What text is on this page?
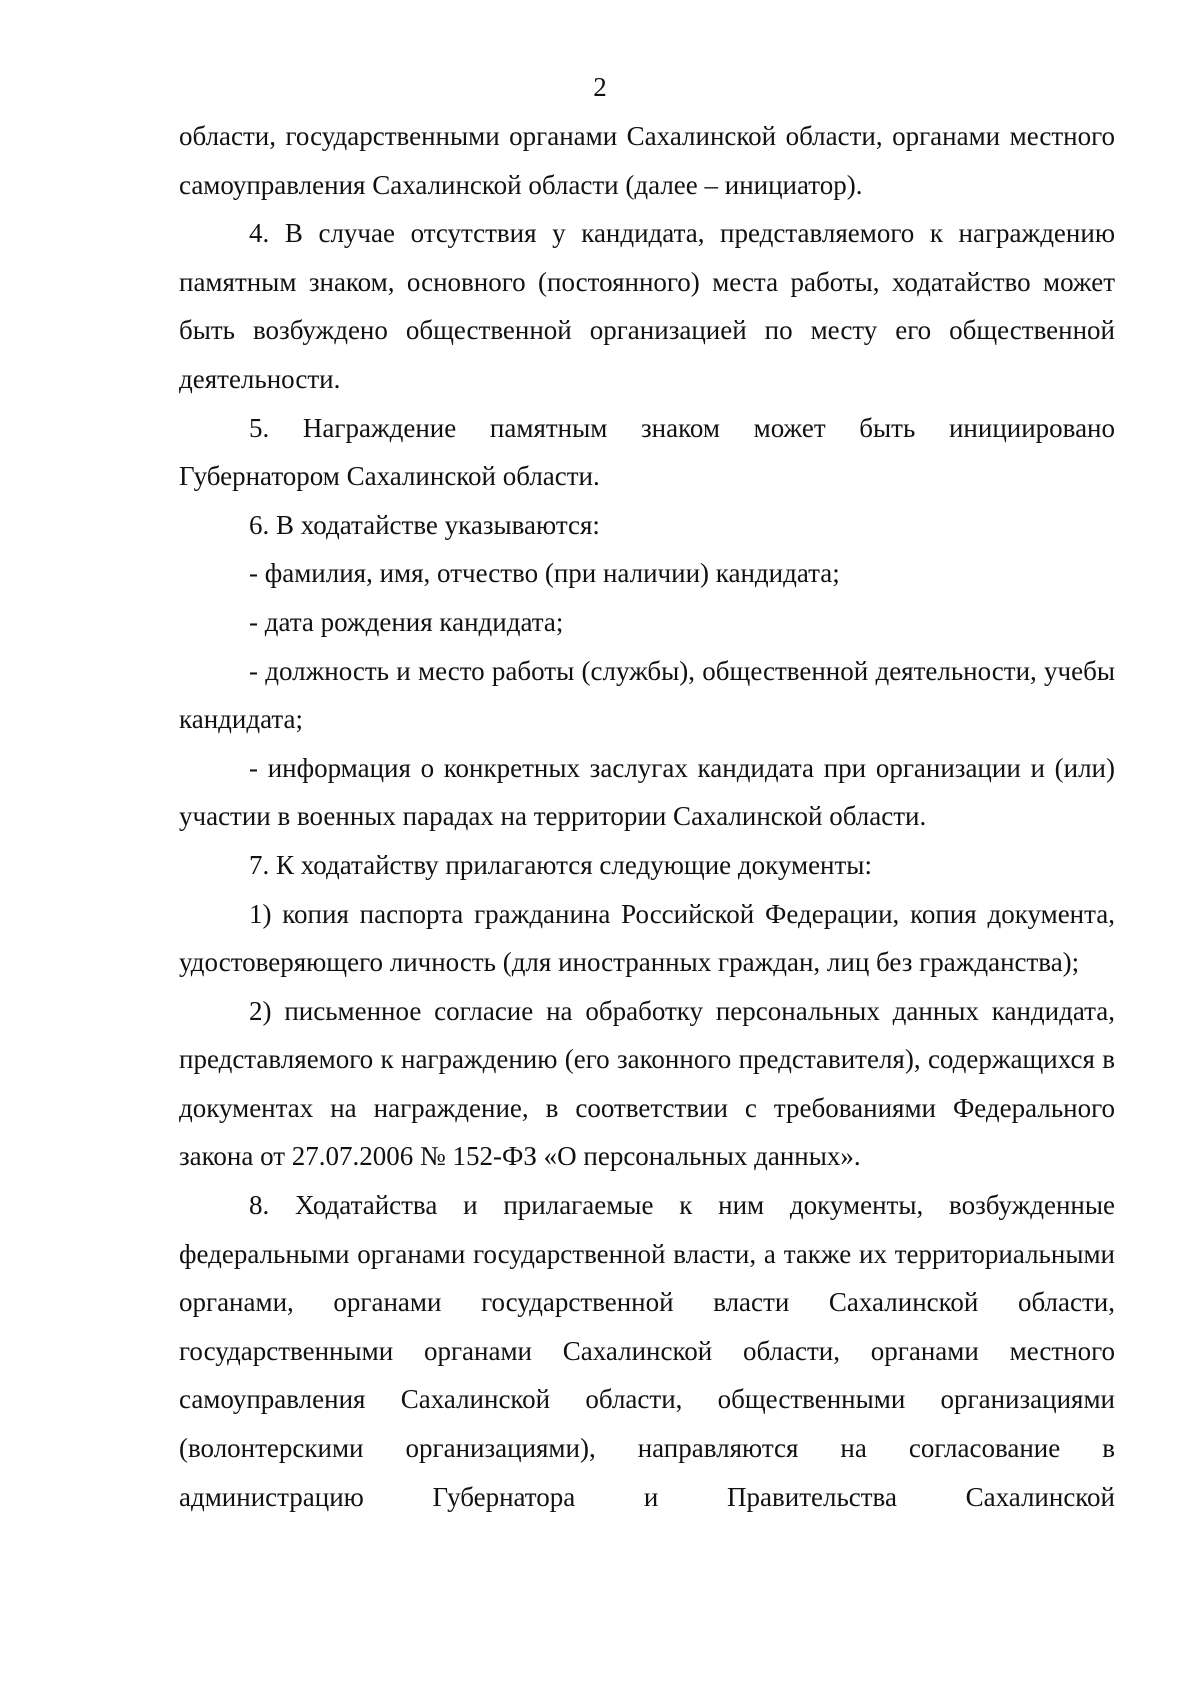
2

области, государственными органами Сахалинской области, органами местного самоуправления Сахалинской области (далее – инициатор).

4. В случае отсутствия у кандидата, представляемого к награждению памятным знаком, основного (постоянного) места работы, ходатайство может быть возбуждено общественной организацией по месту его общественной деятельности.

5. Награждение памятным знаком может быть инициировано Губернатором Сахалинской области.

6. В ходатайстве указываются:

- фамилия, имя, отчество (при наличии) кандидата;

- дата рождения кандидата;

- должность и место работы (службы), общественной деятельности, учебы кандидата;

- информация о конкретных заслугах кандидата при организации и (или) участии в военных парадах на территории Сахалинской области.

7. К ходатайству прилагаются следующие документы:

1) копия паспорта гражданина Российской Федерации, копия документа, удостоверяющего личность (для иностранных граждан, лиц без гражданства);

2) письменное согласие на обработку персональных данных кандидата, представляемого к награждению (его законного представителя), содержащихся в документах на награждение, в соответствии с требованиями Федерального закона от 27.07.2006 № 152-ФЗ «О персональных данных».

8. Ходатайства и прилагаемые к ним документы, возбужденные федеральными органами государственной власти, а также их территориальными органами, органами государственной власти Сахалинской области, государственными органами Сахалинской области, органами местного самоуправления Сахалинской области, общественными организациями (волонтерскими организациями), направляются на согласование в администрацию Губернатора и Правительства Сахалинской
